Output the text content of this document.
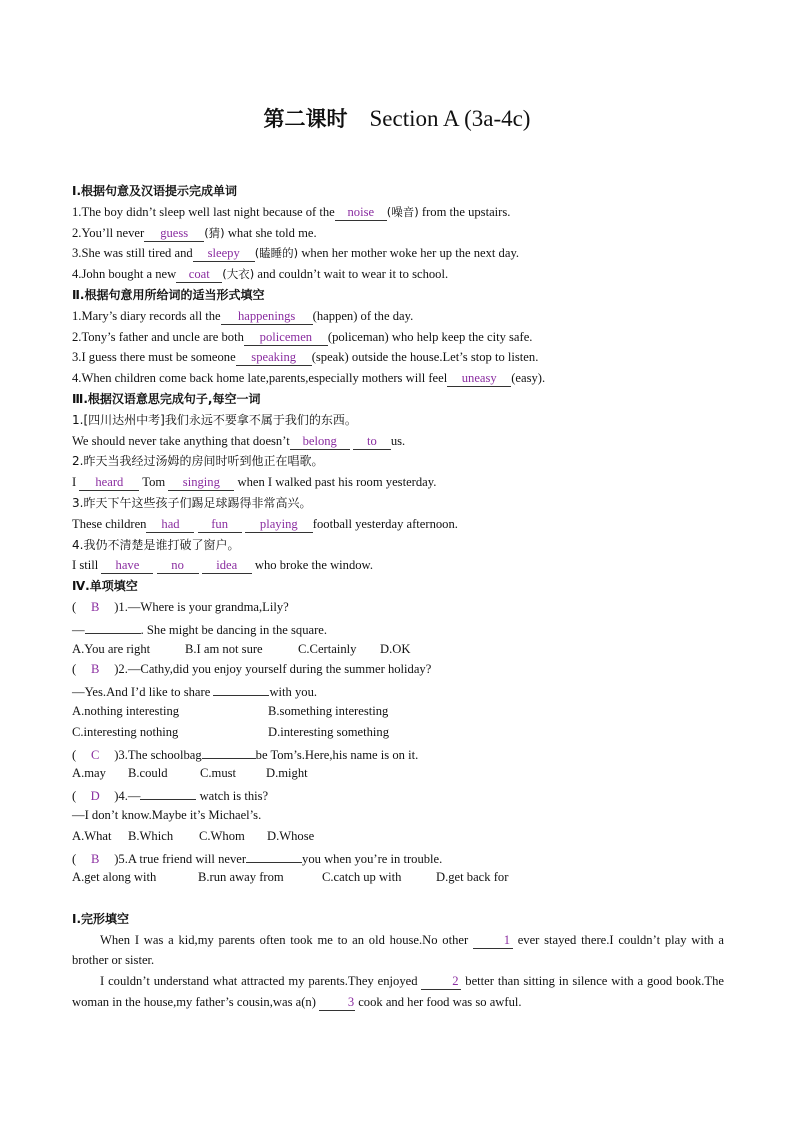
第二课时 Section A (3a-4c)
Ⅰ.根据句意及汉语提示完成单词
1.The boy didn’t sleep well last night because of the noise (噪音) from the upstairs.
2.You’ll never guess (猜) what she told me.
3.She was still tired and sleepy (瞌睡的) when her mother woke her up the next day.
4.John bought a new coat (大衣) and couldn’t wait to wear it to school.
Ⅱ.根据句意用所给词的适当形式填空
1.Mary’s diary records all the happenings (happen) of the day.
2.Tony’s father and uncle are both policemen (policeman) who help keep the city safe.
3.I guess there must be someone speaking (speak) outside the house.Let’s stop to listen.
4.When children come back home late,parents,especially mothers will feel uneasy (easy).
Ⅲ.根据汉语意思完成句子,每空一词
1.[四川达州中考]我们永远不要拿不属于我们的东西。
We should never take anything that doesn’t belong to us.
2.昨天当我经过汤姆的房间时听到他正在唱歌。
I heard Tom singing when I walked past his room yesterday.
3.昨天下午这些孩子们踢足球踢得非常高兴。
These children had	fun	playing football yesterday afternoon.
4.我仍不清楚是谁打破了窗户。
I still have	no	idea who broke the window.
Ⅳ.单项填空
( B )1.—Where is your grandma,Lily?
—	. She might be dancing in the square.
A.You are right	B.I am not sure	C.Certainly D.OK
( B )2.—Cathy,did you enjoy yourself during the summer holiday?
—Yes.And I’d like to share	with you.
A.nothing interesting	B.something interesting
C.interesting nothing	D.interesting something
( C )3.The schoolbag	be Tom’s.Here,his name is on it.
A.may B.could	C.must D.might
( D )4.—	watch is this?
—I don’t know.Maybe it’s Michael’s.
A.What B.Which C.Whom D.Whose
( B )5.A true friend will never	you when you’re in trouble.
A.get along with	B.run away from	C.catch up with	D.get back for
Ⅰ.完形填空
When I was a kid,my parents often took me to an old house.No other 1 ever stayed there.I couldn’t play with a brother or sister.
I couldn’t understand what attracted my parents.They enjoyed 2 better than sitting in silence with a good book.The woman in the house,my father’s cousin,was a(n) 3 cook and her food was so awful.
